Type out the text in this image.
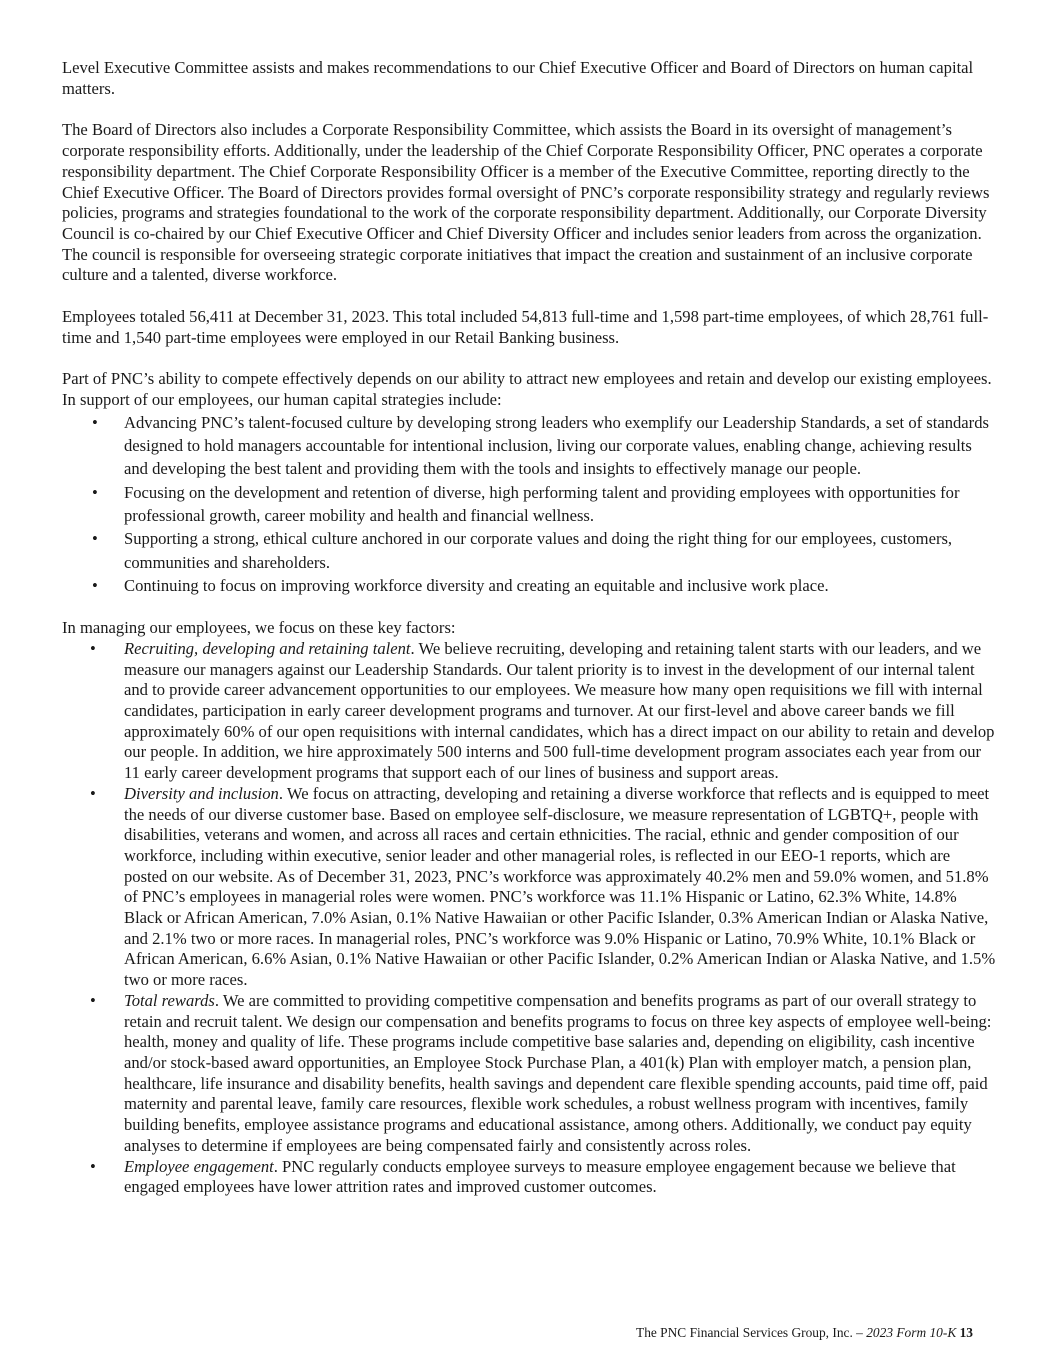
Level Executive Committee assists and makes recommendations to our Chief Executive Officer and Board of Directors on human capital matters.

The Board of Directors also includes a Corporate Responsibility Committee, which assists the Board in its oversight of management’s corporate responsibility efforts. Additionally, under the leadership of the Chief Corporate Responsibility Officer, PNC operates a corporate responsibility department. The Chief Corporate Responsibility Officer is a member of the Executive Committee, reporting directly to the Chief Executive Officer. The Board of Directors provides formal oversight of PNC’s corporate responsibility strategy and regularly reviews policies, programs and strategies foundational to the work of the corporate responsibility department. Additionally, our Corporate Diversity Council is co-chaired by our Chief Executive Officer and Chief Diversity Officer and includes senior leaders from across the organization. The council is responsible for overseeing strategic corporate initiatives that impact the creation and sustainment of an inclusive corporate culture and a talented, diverse workforce.

Employees totaled 56,411 at December 31, 2023. This total included 54,813 full-time and 1,598 part-time employees, of which 28,761 full-time and 1,540 part-time employees were employed in our Retail Banking business.

Part of PNC’s ability to compete effectively depends on our ability to attract new employees and retain and develop our existing employees. In support of our employees, our human capital strategies include:

• Advancing PNC’s talent-focused culture by developing strong leaders who exemplify our Leadership Standards, a set of standards designed to hold managers accountable for intentional inclusion, living our corporate values, enabling change, achieving results and developing the best talent and providing them with the tools and insights to effectively manage our people.
• Focusing on the development and retention of diverse, high performing talent and providing employees with opportunities for professional growth, career mobility and health and financial wellness.
• Supporting a strong, ethical culture anchored in our corporate values and doing the right thing for our employees, customers, communities and shareholders.
• Continuing to focus on improving workforce diversity and creating an equitable and inclusive work place.

In managing our employees, we focus on these key factors:

• Recruiting, developing and retaining talent. We believe recruiting, developing and retaining talent starts with our leaders, and we measure our managers against our Leadership Standards. Our talent priority is to invest in the development of our internal talent and to provide career advancement opportunities to our employees. We measure how many open requisitions we fill with internal candidates, participation in early career development programs and turnover. At our first-level and above career bands we fill approximately 60% of our open requisitions with internal candidates, which has a direct impact on our ability to retain and develop our people. In addition, we hire approximately 500 interns and 500 full-time development program associates each year from our 11 early career development programs that support each of our lines of business and support areas.
• Diversity and inclusion. We focus on attracting, developing and retaining a diverse workforce that reflects and is equipped to meet the needs of our diverse customer base. Based on employee self-disclosure, we measure representation of LGBTQ+, people with disabilities, veterans and women, and across all races and certain ethnicities. The racial, ethnic and gender composition of our workforce, including within executive, senior leader and other managerial roles, is reflected in our EEO-1 reports, which are posted on our website. As of December 31, 2023, PNC’s workforce was approximately 40.2% men and 59.0% women, and 51.8% of PNC’s employees in managerial roles were women. PNC’s workforce was 11.1% Hispanic or Latino, 62.3% White, 14.8% Black or African American, 7.0% Asian, 0.1% Native Hawaiian or other Pacific Islander, 0.3% American Indian or Alaska Native, and 2.1% two or more races. In managerial roles, PNC’s workforce was 9.0% Hispanic or Latino, 70.9% White, 10.1% Black or African American, 6.6% Asian, 0.1% Native Hawaiian or other Pacific Islander, 0.2% American Indian or Alaska Native, and 1.5% two or more races.
• Total rewards. We are committed to providing competitive compensation and benefits programs as part of our overall strategy to retain and recruit talent. We design our compensation and benefits programs to focus on three key aspects of employee well-being: health, money and quality of life. These programs include competitive base salaries and, depending on eligibility, cash incentive and/or stock-based award opportunities, an Employee Stock Purchase Plan, a 401(k) Plan with employer match, a pension plan, healthcare, life insurance and disability benefits, health savings and dependent care flexible spending accounts, paid time off, paid maternity and parental leave, family care resources, flexible work schedules, a robust wellness program with incentives, family building benefits, employee assistance programs and educational assistance, among others. Additionally, we conduct pay equity analyses to determine if employees are being compensated fairly and consistently across roles.
• Employee engagement. PNC regularly conducts employee surveys to measure employee engagement because we believe that engaged employees have lower attrition rates and improved customer outcomes.
The PNC Financial Services Group, Inc. – 2023 Form 10-K 13
